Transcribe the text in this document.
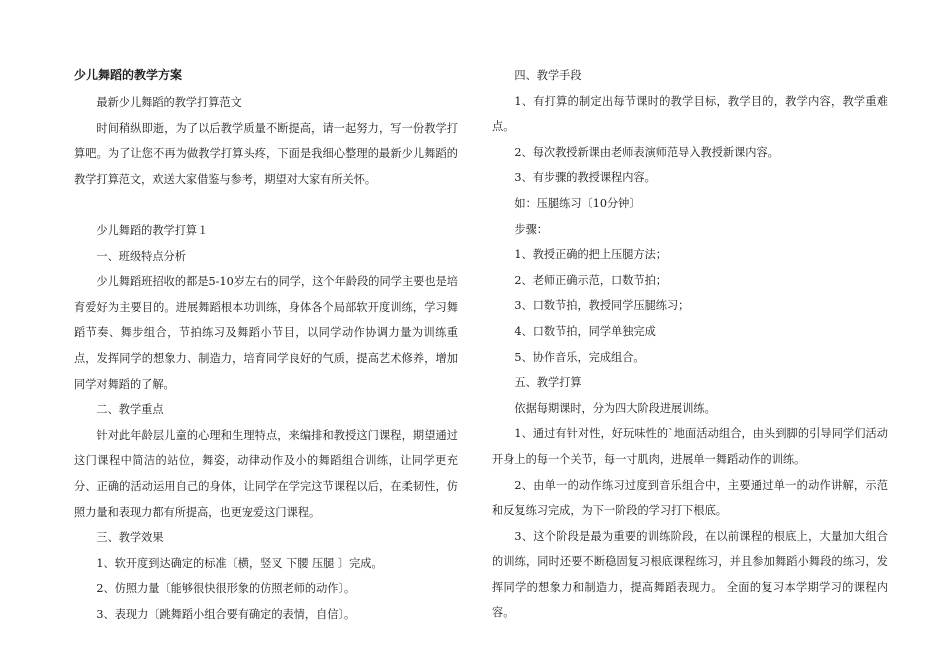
少儿舞蹈的教学方案

最新少儿舞蹈的教学打算范文

时间稍纵即逝，为了以后教学质量不断提高，请一起努力，写一份教学打算吧。为了让您不再为做教学打算头疼，下面是我细心整理的最新少儿舞蹈的教学打算范文，欢送大家借鉴与参考，期望对大家有所关怀。

少儿舞蹈的教学打算１

一、班级特点分析

少儿舞蹈班招收的都是5-10岁左右的同学，这个年龄段的同学主要也是培育爱好为主要目的。进展舞蹈根本功训练，身体各个局部软开度训练，学习舞蹈节奏、舞步组合，节拍练习及舞蹈小节目，以同学动作协调力量为训练重点，发挥同学的想象力、制造力，培育同学良好的气质，提高艺术修养，增加同学对舞蹈的了解。

二、教学重点

针对此年龄层儿童的心理和生理特点，来编排和教授这门课程，期望通过这门课程中简洁的站位，舞姿，动律动作及小的舞蹈组合训练，让同学更充分、正确的活动运用自己的身体，让同学在学完这节课程以后，在柔韧性，仿照力量和表现力都有所提高，也更宠爱这门课程。

三、教学效果

1、软开度到达确定的标准〔横，竖叉 下腰 压腿 〕完成。

2、仿照力量〔能够很快很形象的仿照老师的动作〕。

3、表现力〔跳舞蹈小组合要有确定的表情，自信〕。

四、教学手段

1、有打算的制定出每节课时的教学目标，教学目的，教学内容，教学重难点。

2、每次教授新课由老师表演师范导入教授新课内容。

3、有步骤的教授课程内容。

如：压腿练习〔10分钟〕

步骤：

1、教授正确的把上压腿方法；

2、老师正确示范，口数节拍；

3、口数节拍，教授同学压腿练习；

4、口数节拍，同学单独完成

5、协作音乐，完成组合。

五、教学打算

依据每期课时，分为四大阶段进展训练。

1、通过有针对性，好玩味性的`地面活动组合，由头到脚的引导同学们活动开身上的每一个关节，每一寸肌肉，进展单一舞蹈动作的训练。

2、由单一的动作练习过度到音乐组合中，主要通过单一的动作讲解，示范和反复练习完成，为下一阶段的学习打下根底。

3、这个阶段是最为重要的训练阶段，在以前课程的根底上，大量加大组合的训练，同时还要不断稳固复习根底课程练习，并且参加舞蹈小舞段的练习，发挥同学的想象力和制造力，提高舞蹈表现力。 全面的复习本学期学习的课程内容。
